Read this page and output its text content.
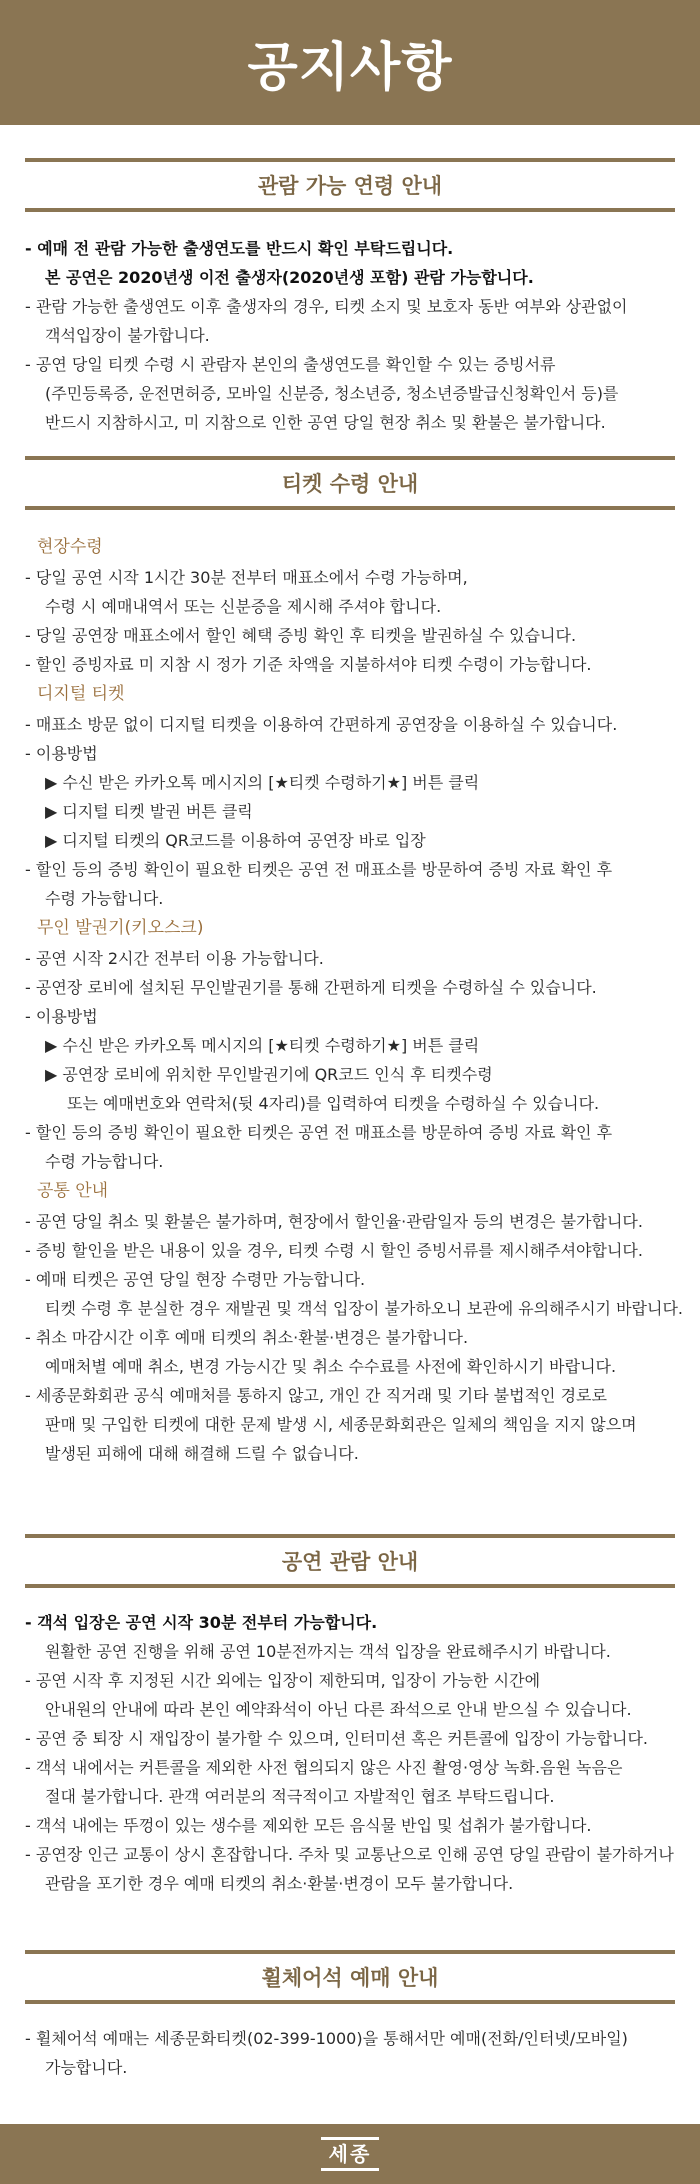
공지사항
관람 가능 연령 안내
- 예매 전 관람 가능한 출생연도를 반드시 확인 부탁드립니다.
본 공연은 2020년생 이전 출생자(2020년생 포함) 관람 가능합니다.
- 관람 가능한 출생연도 이후 출생자의 경우, 티켓 소지 및 보호자 동반 여부와 상관없이
객석입장이 불가합니다.
- 공연 당일 티켓 수령 시 관람자 본인의 출생연도를 확인할 수 있는 증빙서류
(주민등록증, 운전면허증, 모바일 신분증, 청소년증, 청소년증발급신청확인서 등)를
반드시 지참하시고, 미 지참으로 인한 공연 당일 현장 취소 및 환불은 불가합니다.
티켓 수령 안내
현장수령
- 당일 공연 시작 1시간 30분 전부터 매표소에서 수령 가능하며,
수령 시 예매내역서 또는 신분증을 제시해 주셔야 합니다.
- 당일 공연장 매표소에서 할인 혜택 증빙 확인 후 티켓을 발권하실 수 있습니다.
- 할인 증빙자료 미 지참 시 정가 기준 차액을 지불하셔야 티켓 수령이 가능합니다.
디지털 티켓
- 매표소 방문 없이 디지털 티켓을 이용하여 간편하게 공연장을 이용하실 수 있습니다.
- 이용방법
▶ 수신 받은 카카오톡 메시지의 [★티켓 수령하기★] 버튼 클릭
▶ 디지털 티켓 발권 버튼 클릭
▶ 디지털 티켓의 QR코드를 이용하여 공연장 바로 입장
- 할인 등의 증빙 확인이 필요한 티켓은 공연 전 매표소를 방문하여 증빙 자료 확인 후
수령 가능합니다.
무인 발권기(키오스크)
- 공연 시작 2시간 전부터 이용 가능합니다.
- 공연장 로비에 설치된 무인발권기를 통해 간편하게 티켓을 수령하실 수 있습니다.
- 이용방법
▶ 수신 받은 카카오톡 메시지의 [★티켓 수령하기★] 버튼 클릭
▶ 공연장 로비에 위치한 무인발권기에 QR코드 인식 후 티켓수령
또는 예매번호와 연락처(뒷 4자리)를 입력하여 티켓을 수령하실 수 있습니다.
- 할인 등의 증빙 확인이 필요한 티켓은 공연 전 매표소를 방문하여 증빙 자료 확인 후
수령 가능합니다.
공통 안내
- 공연 당일 취소 및 환불은 불가하며, 현장에서 할인율·관람일자 등의 변경은 불가합니다.
- 증빙 할인을 받은 내용이 있을 경우, 티켓 수령 시 할인 증빙서류를 제시해주셔야합니다.
- 예매 티켓은 공연 당일 현장 수령만 가능합니다.
티켓 수령 후 분실한 경우 재발권 및 객석 입장이 불가하오니 보관에 유의해주시기 바랍니다.
- 취소 마감시간 이후 예매 티켓의 취소·환불·변경은 불가합니다.
예매처별 예매 취소, 변경 가능시간 및 취소 수수료를 사전에 확인하시기 바랍니다.
- 세종문화회관 공식 예매처를 통하지 않고, 개인 간 직거래 및 기타 불법적인 경로로
판매 및 구입한 티켓에 대한 문제 발생 시, 세종문화회관은 일체의 책임을 지지 않으며
발생된 피해에 대해 해결해 드릴 수 없습니다.
공연 관람 안내
- 객석 입장은 공연 시작 30분 전부터 가능합니다.
원활한 공연 진행을 위해 공연 10분전까지는 객석 입장을 완료해주시기 바랍니다.
- 공연 시작 후 지정된 시간 외에는 입장이 제한되며, 입장이 가능한 시간에
안내원의 안내에 따라 본인 예약좌석이 아닌 다른 좌석으로 안내 받으실 수 있습니다.
- 공연 중 퇴장 시 재입장이 불가할 수 있으며, 인터미션 혹은 커튼콜에 입장이 가능합니다.
- 객석 내에서는 커튼콜을 제외한 사전 협의되지 않은 사진 촬영·영상 녹화.음원 녹음은
절대 불가합니다. 관객 여러분의 적극적이고 자발적인 협조 부탁드립니다.
- 객석 내에는 뚜껑이 있는 생수를 제외한 모든 음식물 반입 및 섭취가 불가합니다.
- 공연장 인근 교통이 상시 혼잡합니다. 주차 및 교통난으로 인해 공연 당일 관람이 불가하거나
관람을 포기한 경우 예매 티켓의 취소·환불·변경이 모두 불가합니다.
휠체어석 예매 안내
- 휠체어석 예매는 세종문화티켓(02-399-1000)을 통해서만 예매(전화/인터넷/모바일)
가능합니다.
세종
